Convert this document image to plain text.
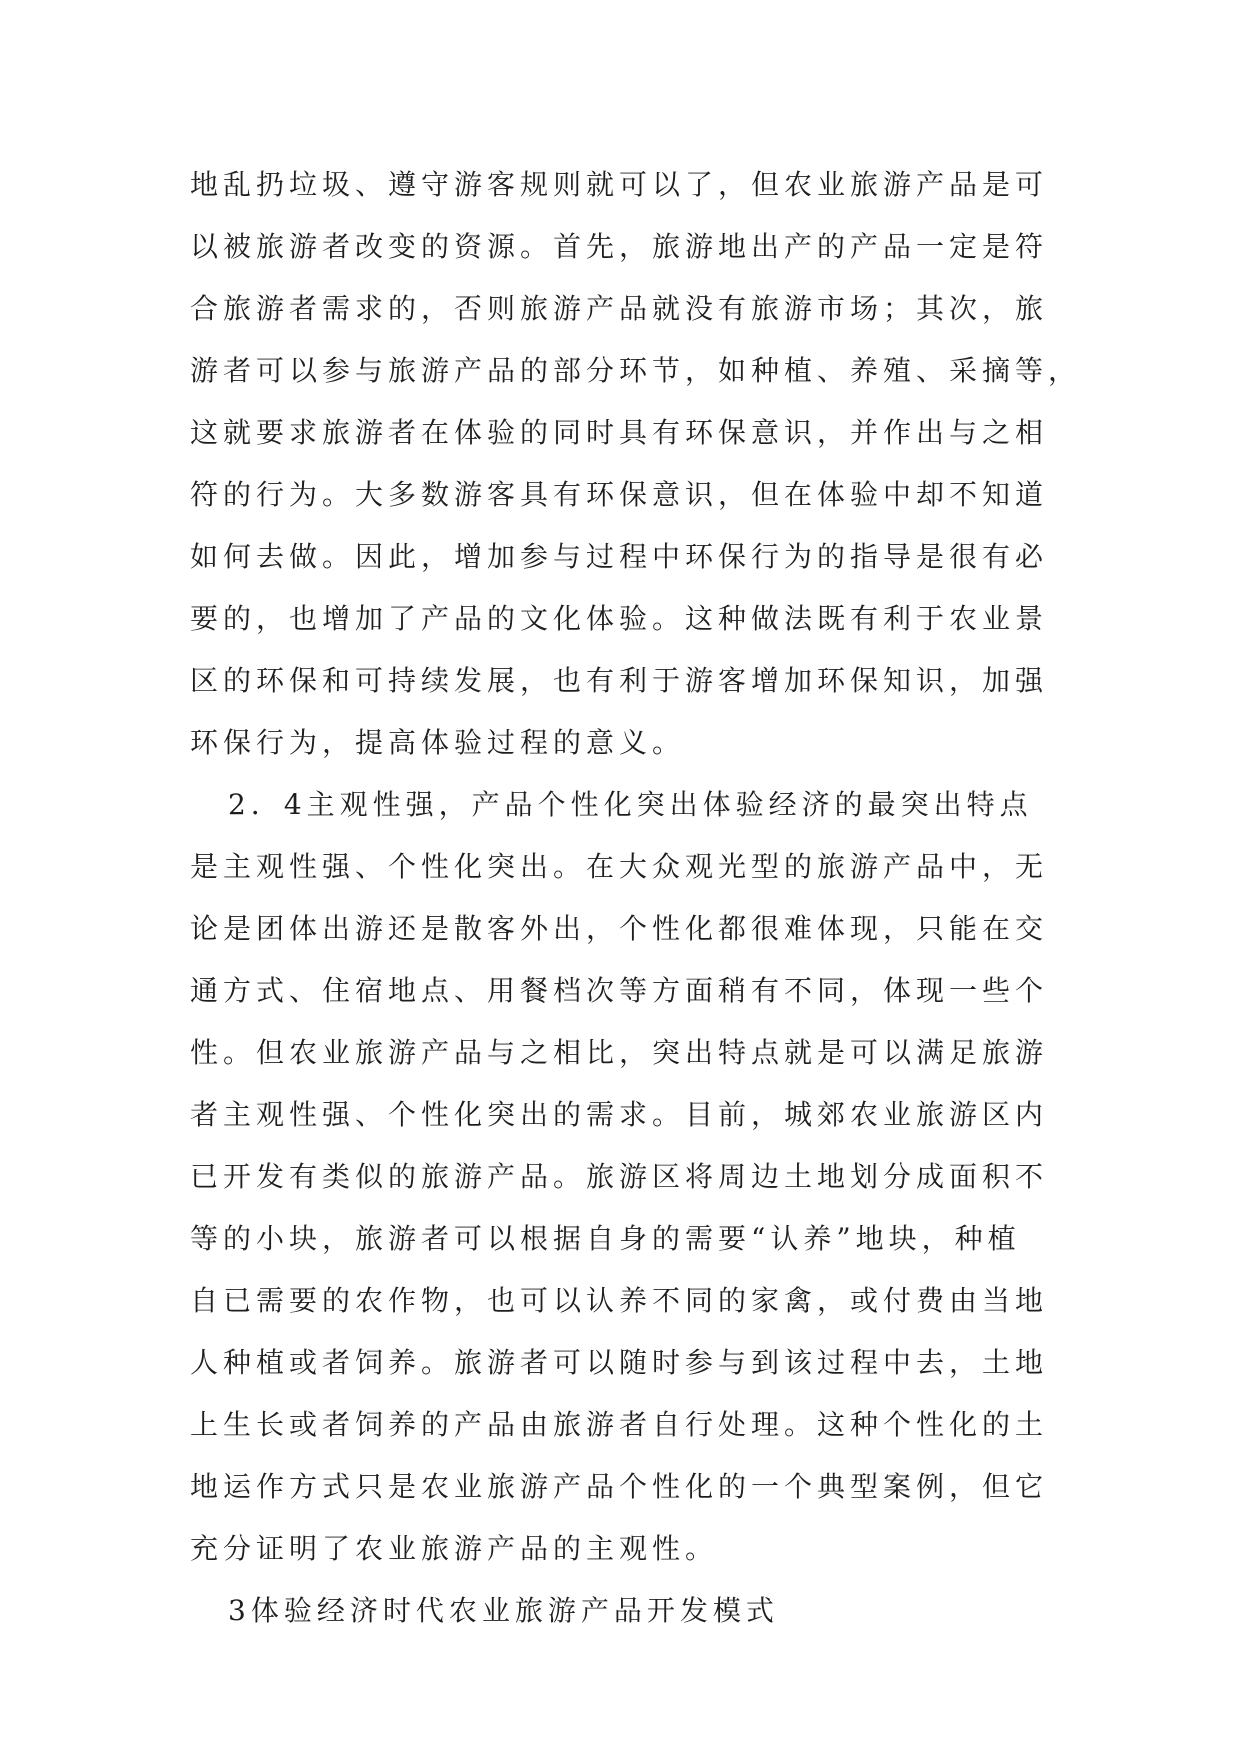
地乱扔垃圾、遵守游客规则就可以了，但农业旅游产品是可
以被旅游者改变的资源。首先，旅游地出产的产品一定是符
合旅游者需求的，否则旅游产品就没有旅游市场；其次，旅
游者可以参与旅游产品的部分环节，如种植、养殖、采摘等，
这就要求旅游者在体验的同时具有环保意识，并作出与之相
符的行为。大多数游客具有环保意识，但在体验中却不知道
如何去做。因此，增加参与过程中环保行为的指导是很有必
要的，也增加了产品的文化体验。这种做法既有利于农业景
区的环保和可持续发展，也有利于游客增加环保知识，加强
环保行为，提高体验过程的意义。
2．4主观性强，产品个性化突出体验经济的最突出特点
是主观性强、个性化突出。在大众观光型的旅游产品中，无
论是团体出游还是散客外出，个性化都很难体现，只能在交
通方式、住宿地点、用餐档次等方面稍有不同，体现一些个
性。但农业旅游产品与之相比，突出特点就是可以满足旅游
者主观性强、个性化突出的需求。目前，城郊农业旅游区内
已开发有类似的旅游产品。旅游区将周边土地划分成面积不
等的小块，旅游者可以根据自身的需要“认养”地块，种植
自已需要的农作物，也可以认养不同的家禽，或付费由当地
人种植或者饲养。旅游者可以随时参与到该过程中去，土地
上生长或者饲养的产品由旅游者自行处理。这种个性化的土
地运作方式只是农业旅游产品个性化的一个典型案例，但它
充分证明了农业旅游产品的主观性。
3体验经济时代农业旅游产品开发模式
